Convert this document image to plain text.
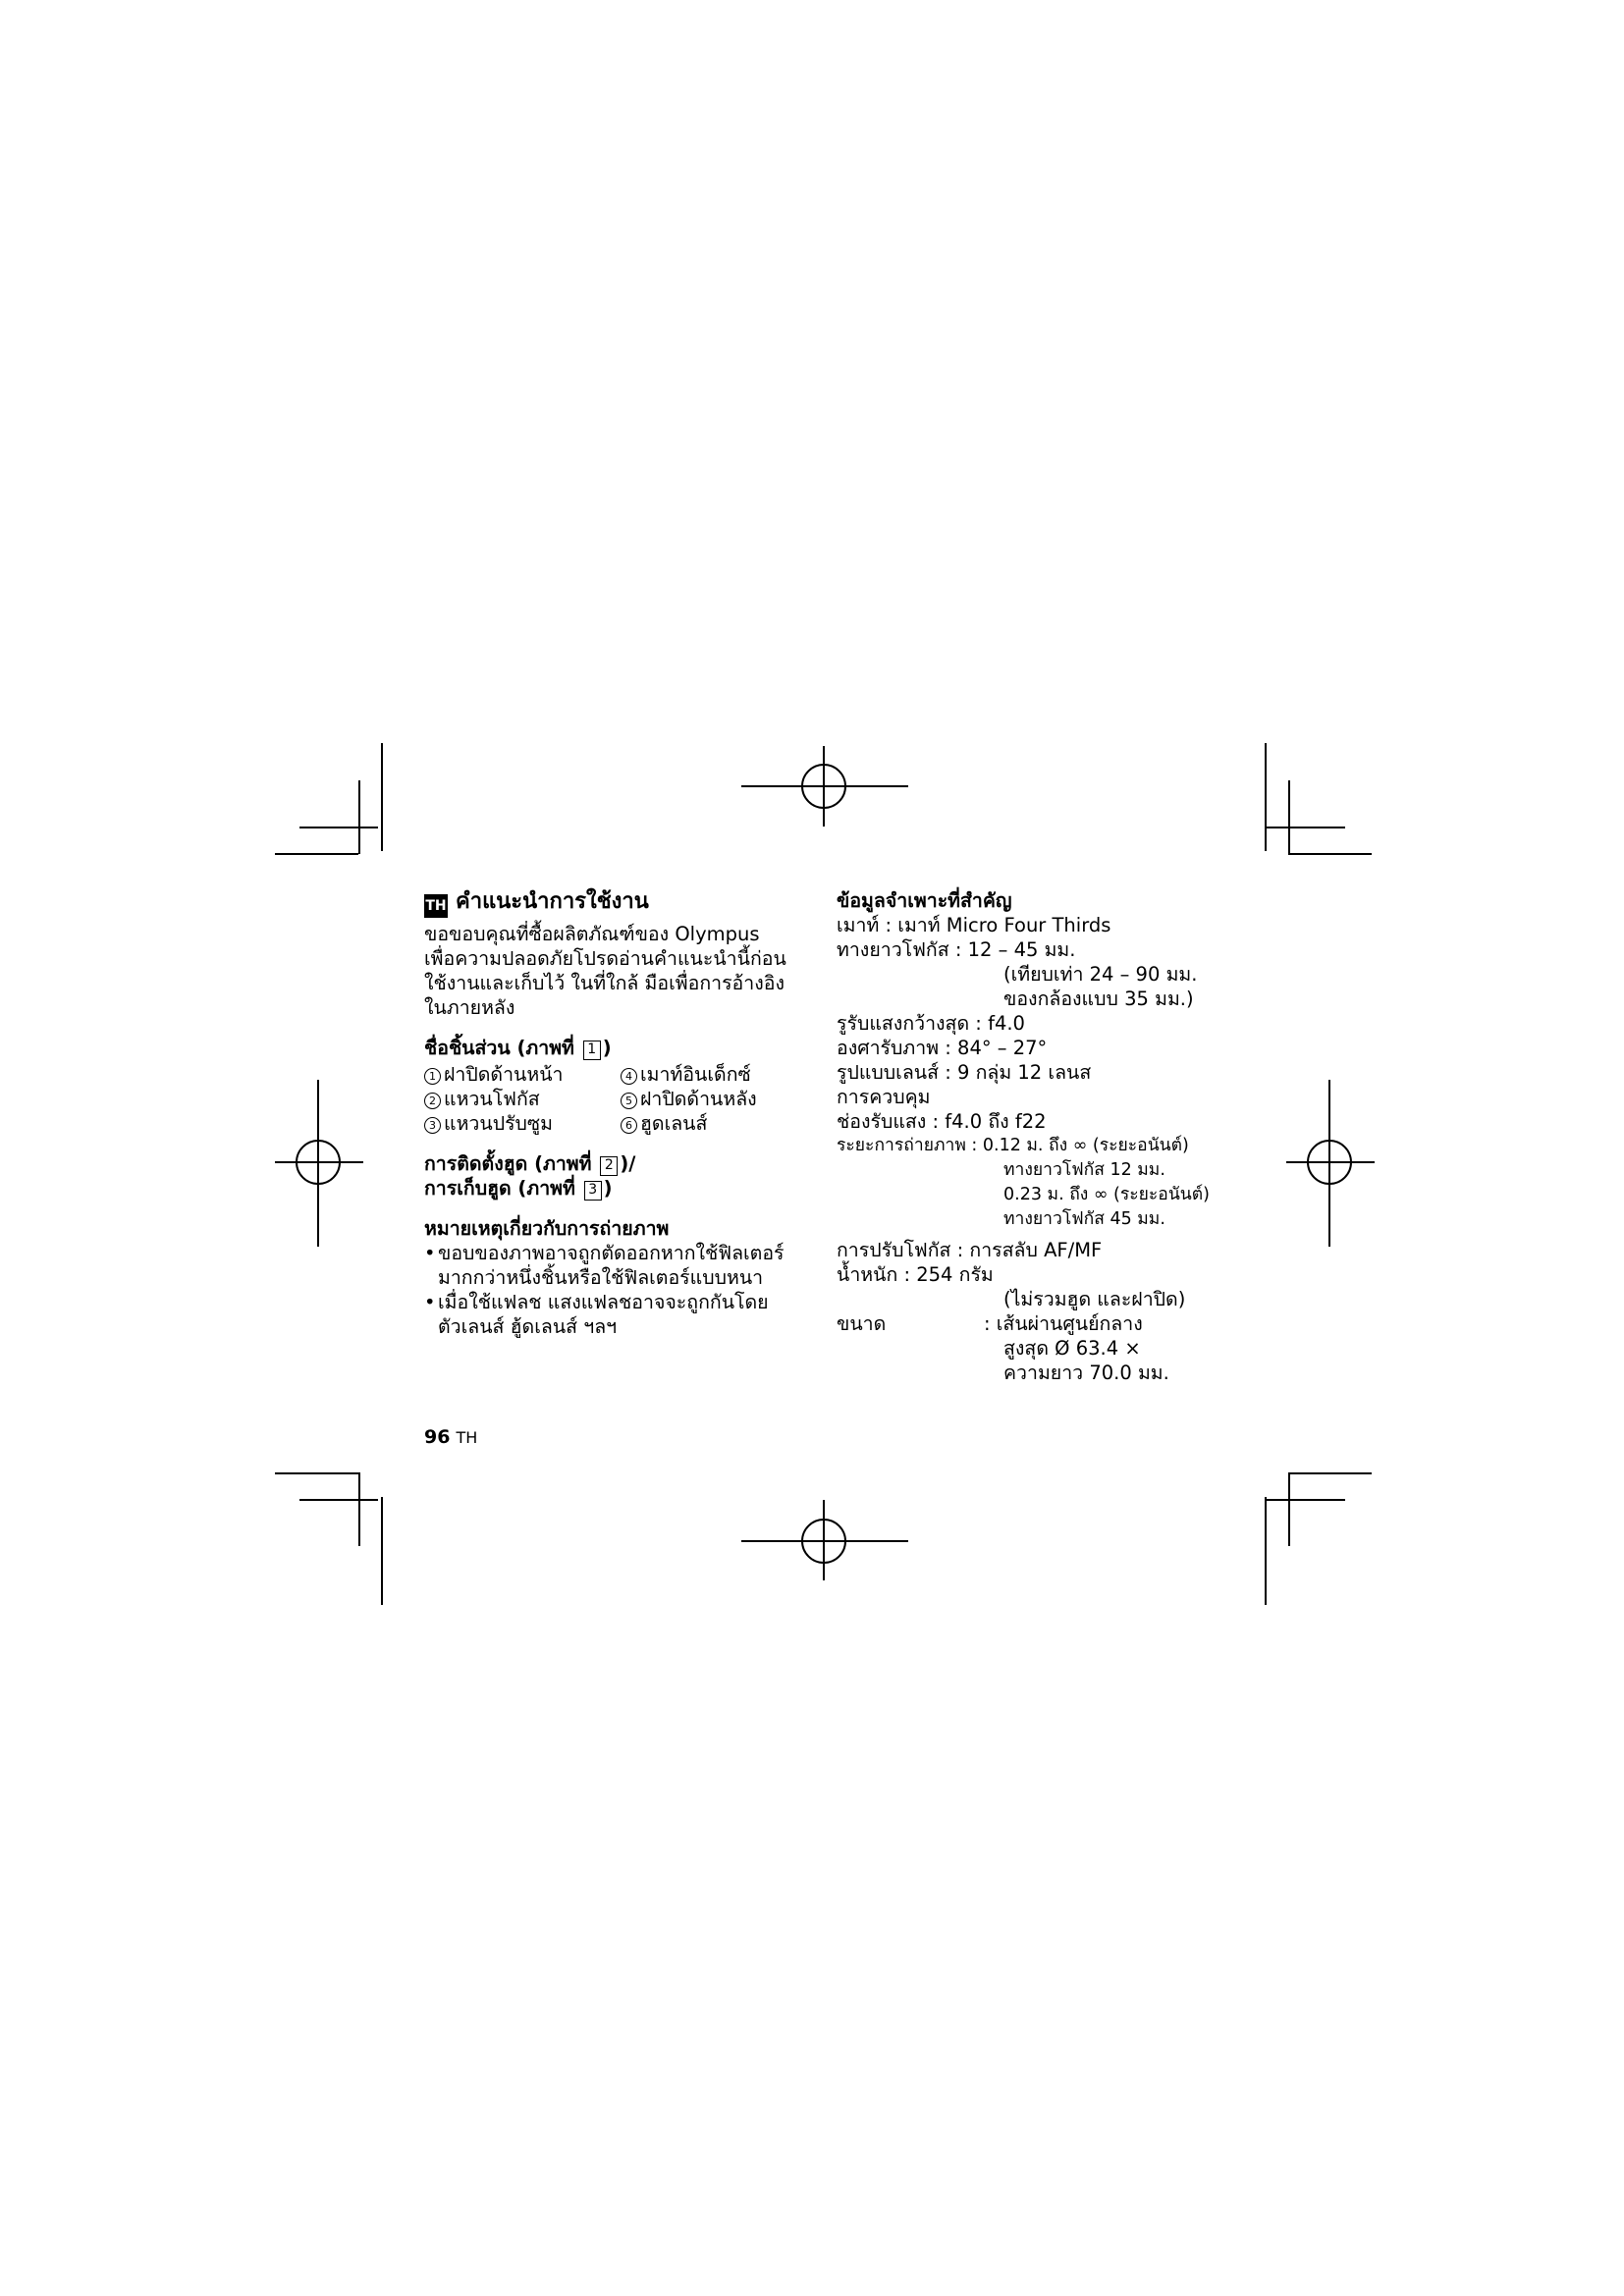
TH คำแนะนำการใช้งาน
ขอขอบคุณที่ซื้อผลิตภัณฑ์ของ Olympus
เพื่อความปลอดภัยโปรดอ่านคำแนะนำนี้ก่อน
ใช้งานและเก็บไว้ ในที่ใกล้ มือเพื่อการอ้างอิง
ในภายหลัง
ชื่อชิ้นส่วน (ภาพที่ 1 )
1 ฝาปิดด้านหน้า	4 เมาท์อินเด็กซ์
2 แหวนโฟกัส	5 ฝาปิดด้านหลัง
3 แหวนปรับซูม	6 ฮูดเลนส์
การติดตั้งฮูด (ภาพที่ 2 )/
การเก็บฮูด (ภาพที่ 3 )
หมายเหตุเกี่ยวกับการถ่ายภาพ
• ขอบของภาพอาจถูกตัดออกหากใช้ฟิลเตอร์
มากกว่าหนึ่งชิ้นหรือใช้ฟิลเตอร์แบบหนา
• เมื่อใช้แฟลช แสงแฟลชอาจจะถูกกันโดย
ตัวเลนส์ ฮู้ดเลนส์ ฯลฯ
ข้อมูลจำเพาะที่สำคัญ
เมาท์ : เมาท์ Micro Four Thirds
ทางยาวโฟกัส : 12 – 45 มม.
(เทียบเท่า 24 – 90 มม.
ของกล้องแบบ 35 มม.)
รูรับแสงกว้างสุด : f4.0
องศารับภาพ : 84° – 27°
รูปแบบเลนส์ : 9 กลุ่ม 12 เลนส
การควบคุม
ช่องรับแสง : f4.0 ถึง f22
ระยะการถ่ายภาพ : 0.12 ม. ถึง ∞ (ระยะอนันต์)
ทางยาวโฟกัส 12 มม.
0.23 ม. ถึง ∞ (ระยะอนันต์)
ทางยาวโฟกัส 45 มม.
การปรับโฟกัส : การสลับ AF/MF
น้ำหนัก : 254 กรัม
(ไม่รวมฮูด และฝาปิด)
ขนาด	: เส้นผ่านศูนย์กลาง
สูงสุด Ø 63.4 ×
ความยาว 70.0 มม.
96 TH
